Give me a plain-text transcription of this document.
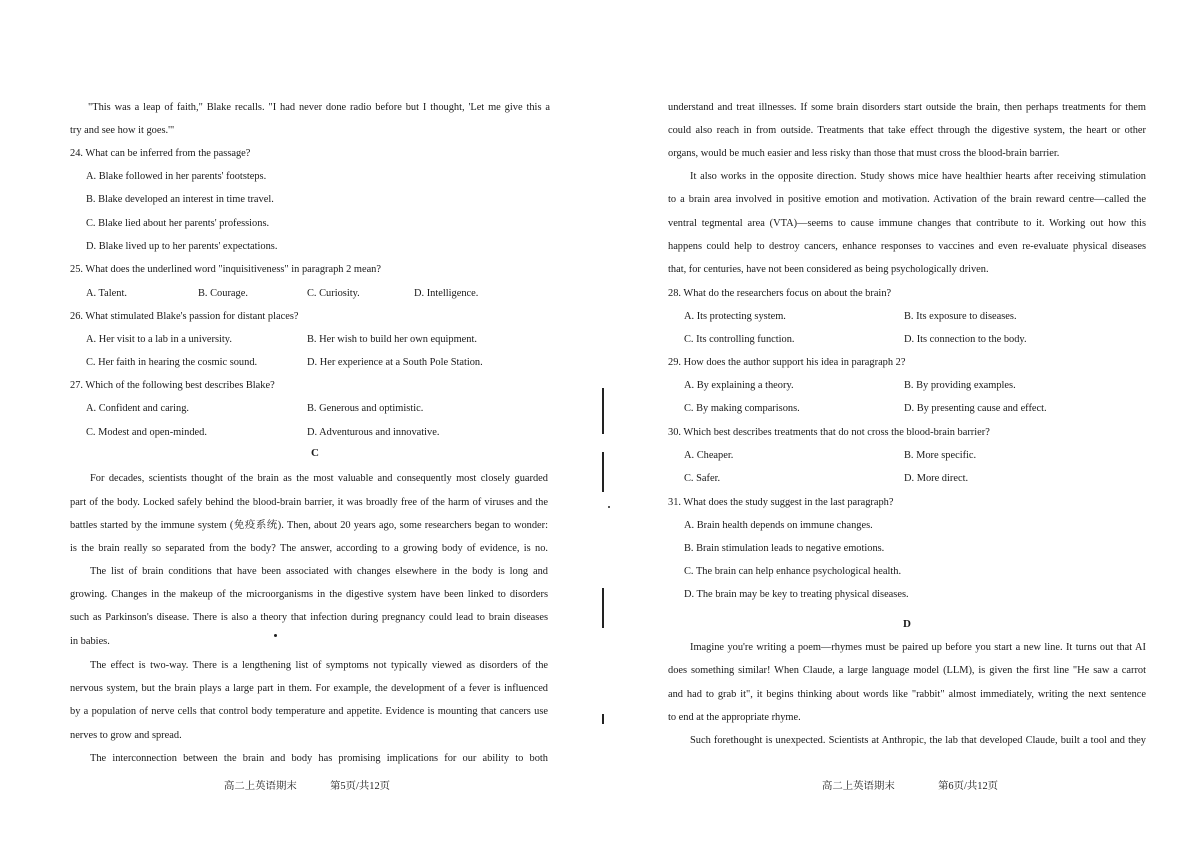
"This was a leap of faith," Blake recalls. "I had never done radio before but I thought, 'Let me give this a
try and see how it goes.'"
24. What can be inferred from the passage?
A. Blake followed in her parents' footsteps.
B. Blake developed an interest in time travel.
C. Blake lied about her parents' professions.
D. Blake lived up to her parents' expectations.
25. What does the underlined word "inquisitiveness" in paragraph 2 mean?
A. Talent.	B. Courage.	C. Curiosity.	D. Intelligence.
26. What stimulated Blake's passion for distant places?
A. Her visit to a lab in a university.	B. Her wish to build her own equipment.
C. Her faith in hearing the cosmic sound.	D. Her experience at a South Pole Station.
27. Which of the following best describes Blake?
A. Confident and caring.	B. Generous and optimistic.
C. Modest and open-minded.	D. Adventurous and innovative.
C
For decades, scientists thought of the brain as the most valuable and consequently most closely guarded
part of the body. Locked safely behind the blood-brain barrier, it was broadly free of the harm of viruses and the
battles started by the immune system (免疫系统). Then, about 20 years ago, some researchers began to wonder:
is the brain really so separated from the body? The answer, according to a growing body of evidence, is no.
The list of brain conditions that have been associated with changes elsewhere in the body is long and
growing. Changes in the makeup of the microorganisms in the digestive system have been linked to disorders
such as Parkinson's disease. There is also a theory that infection during pregnancy could lead to brain diseases
in babies.
The effect is two-way. There is a lengthening list of symptoms not typically viewed as disorders of the
nervous system, but the brain plays a large part in them. For example, the development of a fever is influenced
by a population of nerve cells that control body temperature and appetite. Evidence is mounting that cancers use
nerves to grow and spread.
The interconnection between the brain and body has promising implications for our ability to both
高二上英语期末	第5页/共12页
understand and treat illnesses. If some brain disorders start outside the brain, then perhaps treatments for them
could also reach in from outside. Treatments that take effect through the digestive system, the heart or other
organs, would be much easier and less risky than those that must cross the blood-brain barrier.
It also works in the opposite direction. Study shows mice have healthier hearts after receiving stimulation
to a brain area involved in positive emotion and motivation. Activation of the brain reward centre—called the
ventral tegmental area (VTA)—seems to cause immune changes that contribute to it. Working out how this
happens could help to destroy cancers, enhance responses to vaccines and even re-evaluate physical diseases
that, for centuries, have not been considered as being psychologically driven.
28. What do the researchers focus on about the brain?
A. Its protecting system.	B. Its exposure to diseases.
C. Its controlling function.	D. Its connection to the body.
29. How does the author support his idea in paragraph 2?
A. By explaining a theory.	B. By providing examples.
C. By making comparisons.	D. By presenting cause and effect.
30. Which best describes treatments that do not cross the blood-brain barrier?
A. Cheaper.	B. More specific.
C. Safer.	D. More direct.
31. What does the study suggest in the last paragraph?
A. Brain health depends on immune changes.
B. Brain stimulation leads to negative emotions.
C. The brain can help enhance psychological health.
D. The brain may be key to treating physical diseases.
D
Imagine you're writing a poem—rhymes must be paired up before you start a new line. It turns out that AI
does something similar! When Claude, a large language model (LLM), is given the first line "He saw a carrot
and had to grab it", it begins thinking about words like "rabbit" almost immediately, writing the next sentence
to end at the appropriate rhyme.
Such forethought is unexpected. Scientists at Anthropic, the lab that developed Claude, built a tool and they
高二上英语期末	第6页/共12页
